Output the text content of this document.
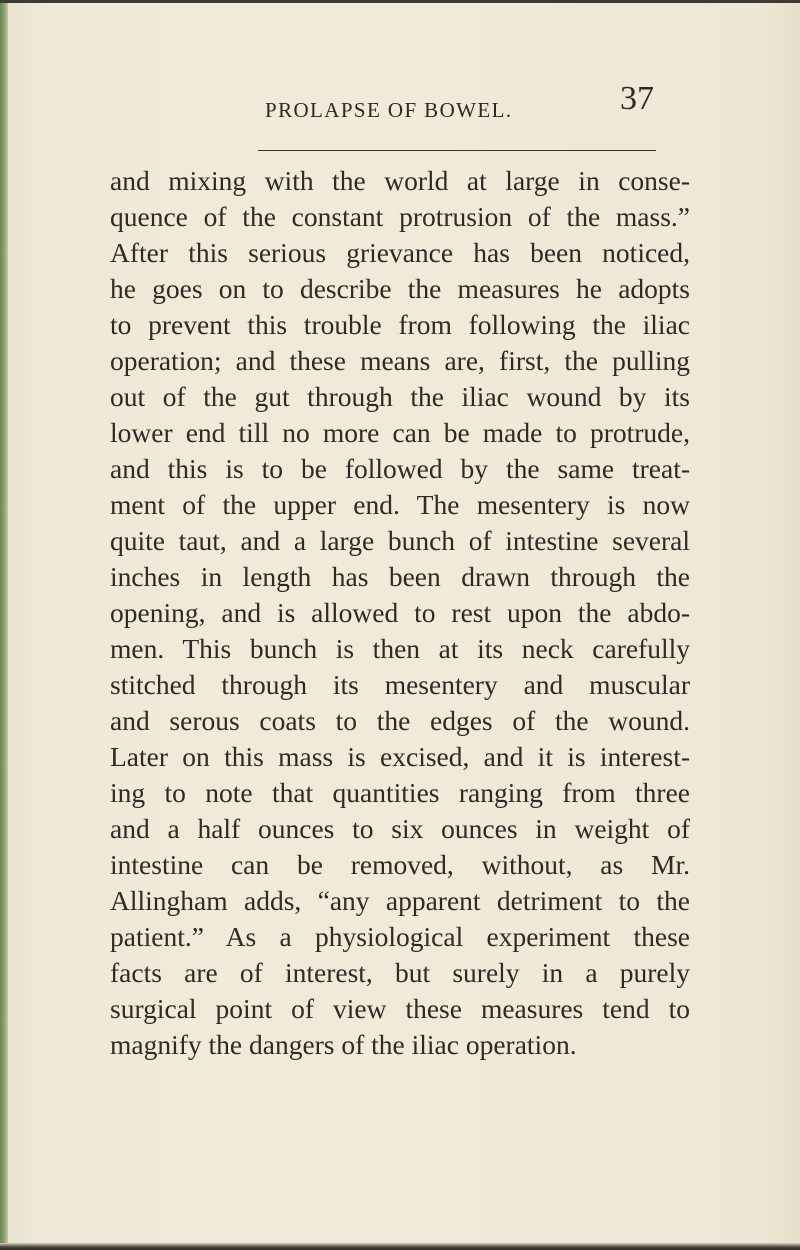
PROLAPSE OF BOWEL.	37
and mixing with the world at large in conse-
quence of the constant protrusion of the mass.”
After this serious grievance has been noticed,
he goes on to describe the measures he adopts
to prevent this trouble from following the iliac
operation; and these means are, first, the pulling
out of the gut through the iliac wound by its
lower end till no more can be made to protrude,
and this is to be followed by the same treat-
ment of the upper end. The mesentery is now
quite taut, and a large bunch of intestine several
inches in length has been drawn through the
opening, and is allowed to rest upon the abdo-
men. This bunch is then at its neck carefully
stitched through its mesentery and muscular
and serous coats to the edges of the wound.
Later on this mass is excised, and it is interest-
ing to note that quantities ranging from three
and a half ounces to six ounces in weight of
intestine can be removed, without, as Mr.
Allingham adds, “any apparent detriment to the
patient.” As a physiological experiment these
facts are of interest, but surely in a purely
surgical point of view these measures tend to
magnify the dangers of the iliac operation.
